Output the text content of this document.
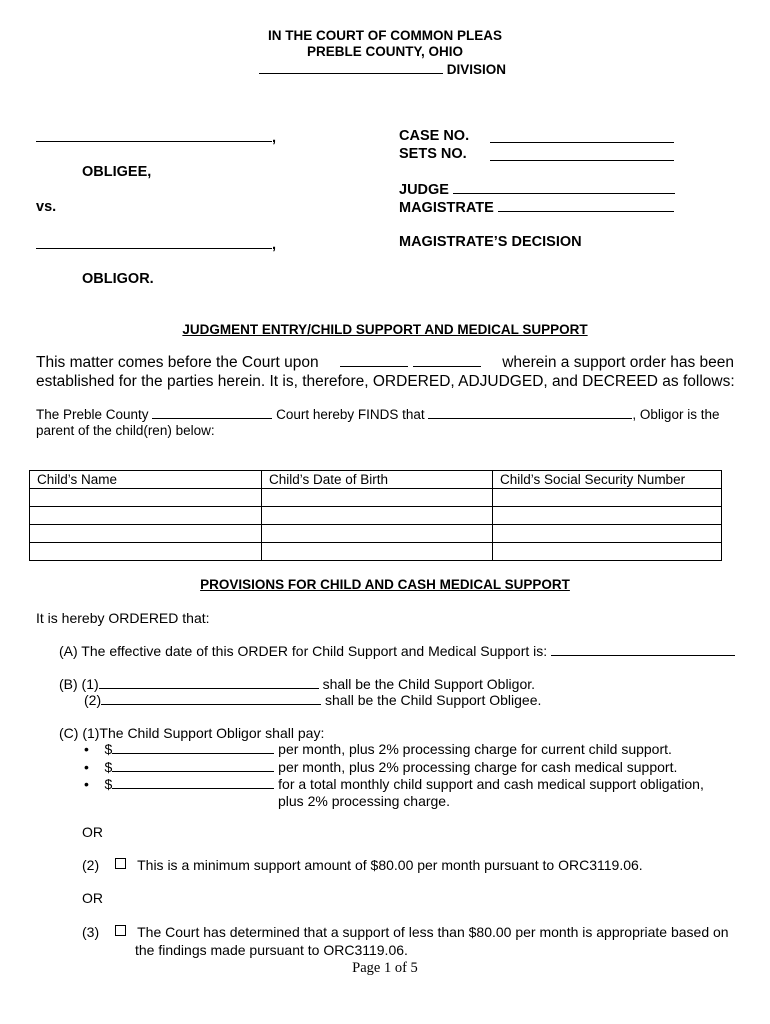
IN THE COURT OF COMMON PLEAS
PREBLE COUNTY, OHIO
DIVISION
,
OBLIGEE,
vs.
,
OBLIGOR.
CASE NO.
SETS NO.
JUDGE
MAGISTRATE
MAGISTRATE’S DECISION
JUDGMENT ENTRY/CHILD SUPPORT AND MEDICAL SUPPORT
This matter comes before the Court upon
	wherein a support order has been
established for the parties herein. It is, therefore, ORDERED, ADJUDGED, and DECREED as follows:
The Preble County	Court hereby FINDS that	, Obligor is the
parent of the child(ren) below:
Child’s Name	Child’s Date of Birth	Child’s Social Security Number

PROVISIONS FOR CHILD AND CASH MEDICAL SUPPORT
It is hereby ORDERED that:
(A) The effective date of this ORDER for Child Support and Medical Support is:
(B) (1)	shall be the Child Support Obligor.
(2)	shall be the Child Support Obligee.
(C) (1)The Child Support Obligor shall pay:
• $	per month, plus 2% processing charge for current child support.
• $	per month, plus 2% processing charge for cash medical support.
• $	for a total monthly child support and cash medical support obligation,
plus 2% processing charge.
OR
(2)	This is a minimum support amount of $80.00 per month pursuant to ORC3119.06.
OR
(3)	The Court has determined that a support of less than $80.00 per month is appropriate based on
the findings made pursuant to ORC3119.06.
Page 1 of 5
